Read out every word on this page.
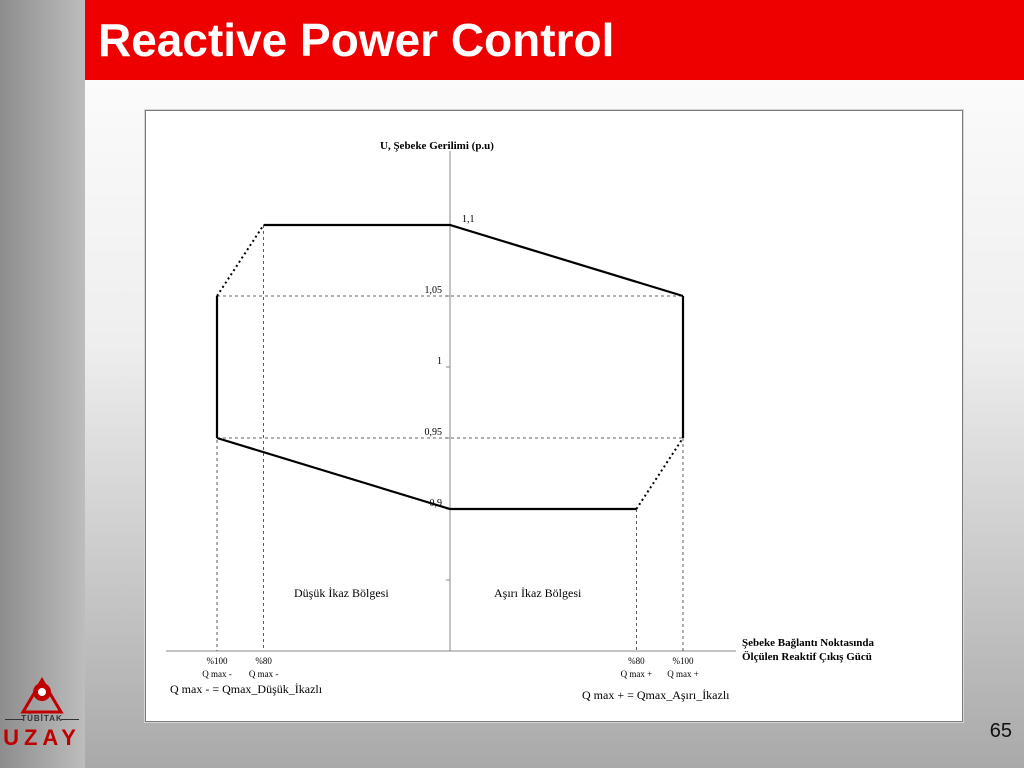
Reactive Power Control
1,1
1,05
1
0,95
0,9
U, Şebeke Gerilimi (p.u)
Düşük İkaz Bölgesi	Aşırı İkaz Bölgesi
Şebeke Bağlantı Noktasında
Ölçülen Reaktif Çıkış Gücü
%100
Q max -
%80
Q max -
%80
Q max +
%100
Q max +
Q max - = Qmax_Düşük_İkazlı	Q max + = Qmax_Aşırı_İkazlı
65
TÜBİTAK
UZAY
